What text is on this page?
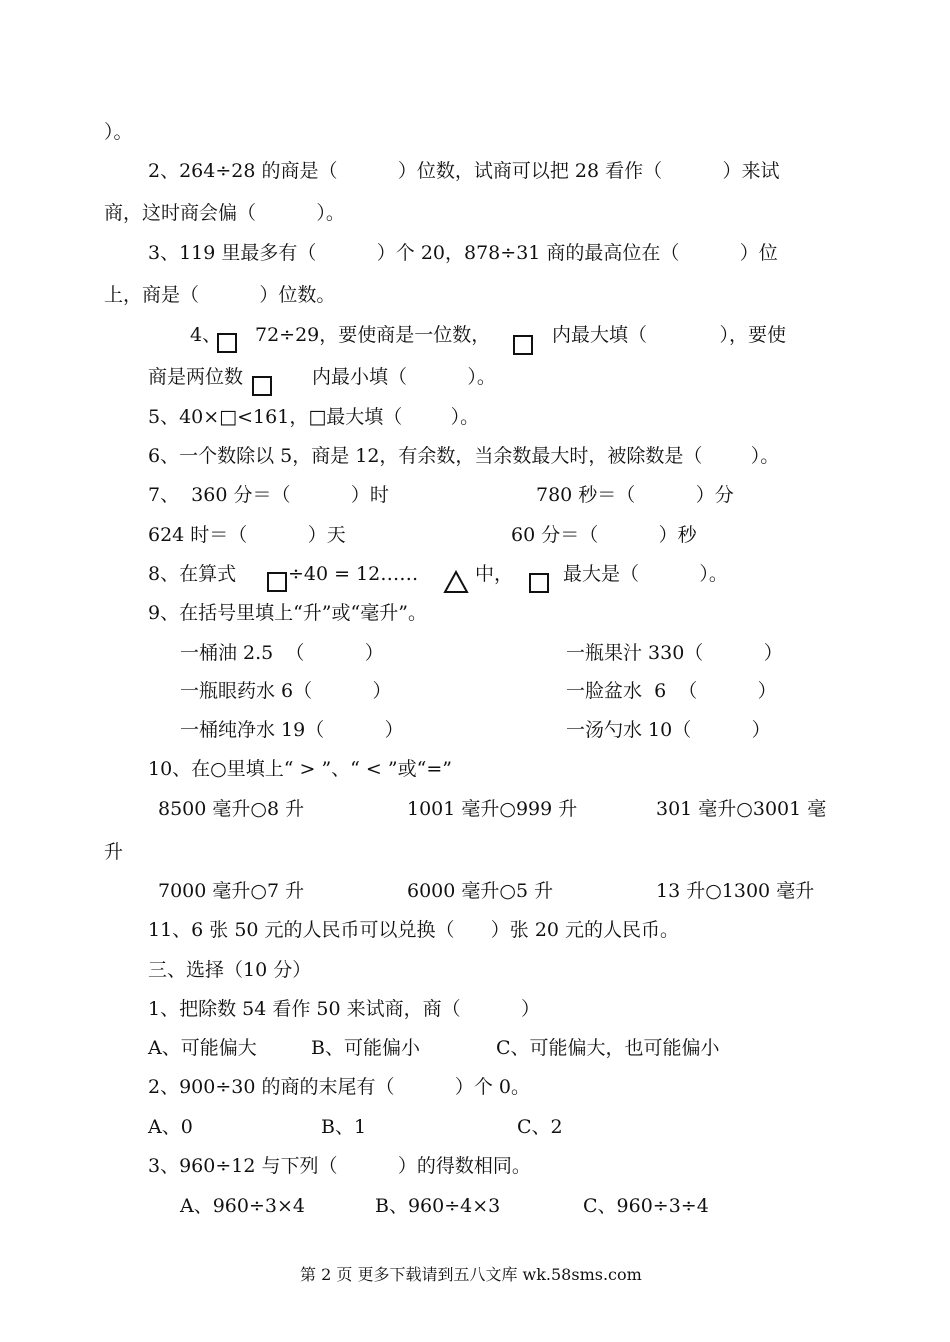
）。
2、264÷28 的商是（          ）位数，试商可以把 28 看作（          ）来试
商，这时商会偏（          ）。
3、119 里最多有（          ）个 20，878÷31 商的最高位在（          ）位
上，商是（          ）位数。
4、 72÷29，要使商是一位数，	内最大填（            ），要使
商是两位数	内最小填（          ）。
5、40×□<161，□最大填（        ）。
6、一个数除以 5，商是 12，有余数，当余数最大时，被除数是（        ）。
7、  360 分＝（          ）时	780 秒＝（          ）分
624 时＝（          ）天	60 分＝（          ）秒
8、在算式	÷40 = 12……	中，	最大是（          ）。
9、在括号里填上“升”或“毫升”。
一桶油 2.5  （          ）	一瓶果汁 330（          ）
一瓶眼药水 6（          ）	一脸盆水  6  （          ）
一桶纯净水 19（          ）	一汤勺水 10（          ）
10、在○里填上“ > ”、“ < ”或“=”
8500 毫升○8 升	1001 毫升○999 升	301 毫升○3001 毫
升
7000 毫升○7 升	6000 毫升○5 升	13 升○1300 毫升
11、6 张 50 元的人民币可以兑换（      ）张 20 元的人民币。
三、选择（10 分）
1、把除数 54 看作 50 来试商，商（          ）
A、可能偏大	B、可能偏小	C、可能偏大，也可能偏小
2、900÷30 的商的末尾有（          ）个 0。
A、0	B、1	C、2
3、960÷12 与下列（          ）的得数相同。
A、960÷3×4	B、960÷4×3	C、960÷3÷4
第 2 页 更多下载请到五八文库 wk.58sms.com
